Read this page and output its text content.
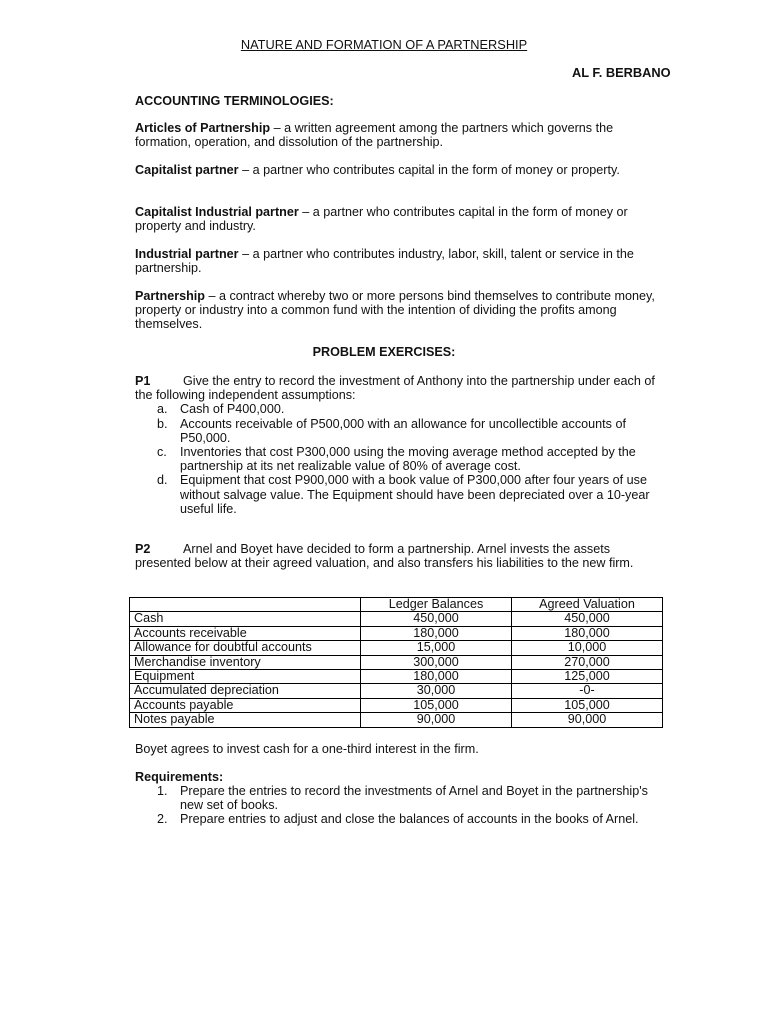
NATURE AND FORMATION OF A PARTNERSHIP
AL F. BERBANO

ACCOUNTING TERMINOLOGIES:

Articles of Partnership – a written agreement among the partners which governs the formation, operation, and dissolution of the partnership.

Capitalist partner – a partner who contributes capital in the form of money or property.

Capitalist Industrial partner – a partner who contributes capital in the form of money or property and industry.

Industrial partner – a partner who contributes industry, labor, skill, talent or service in the partnership.

Partnership – a contract whereby two or more persons bind themselves to contribute money, property or industry into a common fund with the intention of dividing the profits among themselves.

PROBLEM EXERCISES:
P1	Give the entry to record the investment of Anthony into the partnership under each of the following independent assumptions:
a. Cash of P400,000.
b. Accounts receivable of P500,000 with an allowance for uncollectible accounts of P50,000.
c. Inventories that cost P300,000 using the moving average method accepted by the partnership at its net realizable value of 80% of average cost.
d. Equipment that cost P900,000 with a book value of P300,000 after four years of use without salvage value. The Equipment should have been depreciated over a 10-year useful life.
P2	Arnel and Boyet have decided to form a partnership. Arnel invests the assets presented below at their agreed valuation, and also transfers his liabilities to the new firm.
	Ledger Balances	Agreed Valuation
Cash	450,000	450,000
Accounts receivable	180,000	180,000
Allowance for doubtful accounts	15,000	10,000
Merchandise inventory	300,000	270,000
Equipment	180,000	125,000
Accumulated depreciation	30,000	-0-
Accounts payable	105,000	105,000
Notes payable	90,000	90,000

Boyet agrees to invest cash for a one-third interest in the firm.

Requirements:

1. Prepare the entries to record the investments of Arnel and Boyet in the partnership's new set of books.
2. Prepare entries to adjust and close the balances of accounts in the books of Arnel.
